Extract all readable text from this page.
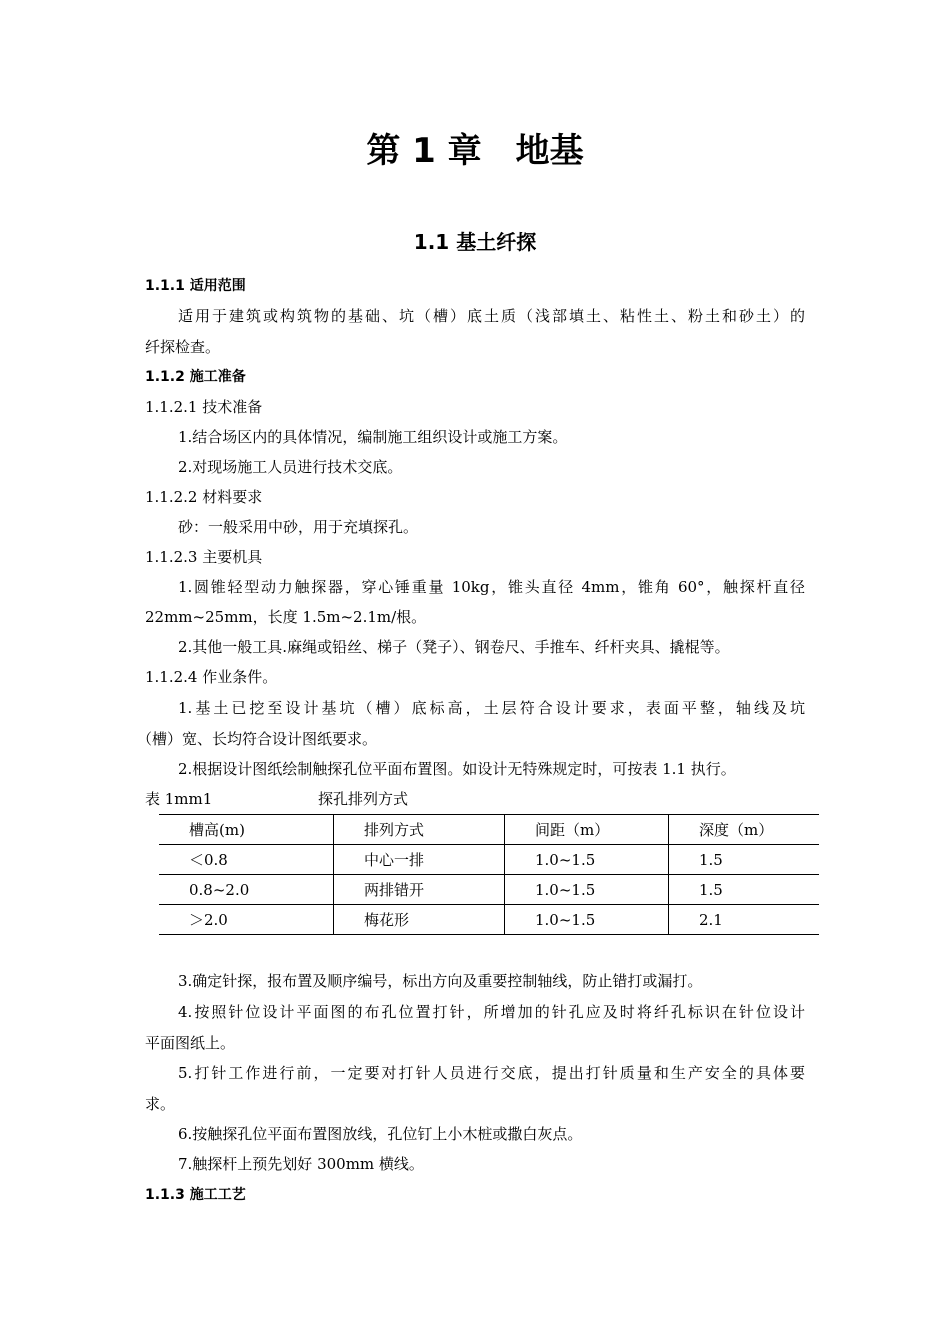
第 1 章　地基
1.1 基土纤探
1.1.1 适用范围
适用于建筑或构筑物的基础、坑（槽）底土质（浅部填土、粘性土、粉土和砂土）的
纤探检查。
1.1.2 施工准备
1.1.2.1 技术准备
1.结合场区内的具体情况，编制施工组织设计或施工方案。
2.对现场施工人员进行技术交底。
1.1.2.2 材料要求
砂：一般采用中砂，用于充填探孔。
1.1.2.3 主要机具
1.圆锥轻型动力触探器，穿心锤重量 10kg，锥头直径 4mm，锥角 60°，触探杆直径
22mm~25mm，长度 1.5m~2.1m/根。
2.其他一般工具.麻绳或铅丝、梯子（凳子）、钢卷尺、手推车、纤杆夹具、撬棍等。
1.1.2.4 作业条件。
1.基土已挖至设计基坑（槽）底标高，土层符合设计要求，表面平整，轴线及坑
（槽）宽、长均符合设计图纸要求。
2.根据设计图纸绘制触探孔位平面布置图。如设计无特殊规定时，可按表 1.1 执行。
表 1mm1	探孔排列方式
槽高(m)	排列方式	间距（m）	深度（m）
＜0.8	中心一排	1.0~1.5	1.5
0.8~2.0	两排错开	1.0~1.5	1.5
＞2.0	梅花形	1.0~1.5	2.1
3.确定针探，报布置及顺序编号，标出方向及重要控制轴线，防止错打或漏打。
4.按照针位设计平面图的布孔位置打针，所增加的针孔应及时将纤孔标识在针位设计
平面图纸上。
5.打针工作进行前，一定要对打针人员进行交底，提出打针质量和生产安全的具体要
求。
6.按触探孔位平面布置图放线，孔位钉上小木桩或撒白灰点。
7.触探杆上预先划好 300mm 横线。
1.1.3 施工工艺
